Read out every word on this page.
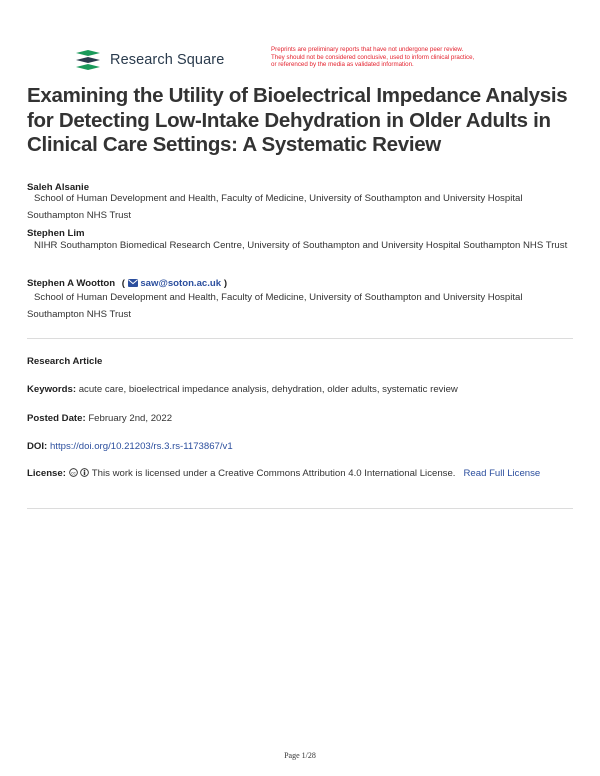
Research Square
Preprints are preliminary reports that have not undergone peer review.
They should not be considered conclusive, used to inform clinical practice,
or referenced by the media as validated information.
Examining the Utility of Bioelectrical Impedance Analysis for Detecting Low-Intake Dehydration in Older Adults in Clinical Care Settings: A Systematic Review
Saleh Alsanie
School of Human Development and Health, Faculty of Medicine, University of Southampton and University Hospital Southampton NHS Trust
Stephen Lim
NIHR Southampton Biomedical Research Centre, University of Southampton and University Hospital Southampton NHS Trust
Stephen A Wootton ( saw@soton.ac.uk )
School of Human Development and Health, Faculty of Medicine, University of Southampton and University Hospital Southampton NHS Trust
Research Article
Keywords: acute care, bioelectrical impedance analysis, dehydration, older adults, systematic review
Posted Date: February 2nd, 2022
DOI: https://doi.org/10.21203/rs.3.rs-1173867/v1
License: cc This work is licensed under a Creative Commons Attribution 4.0 International License. Read Full License
Page 1/28
